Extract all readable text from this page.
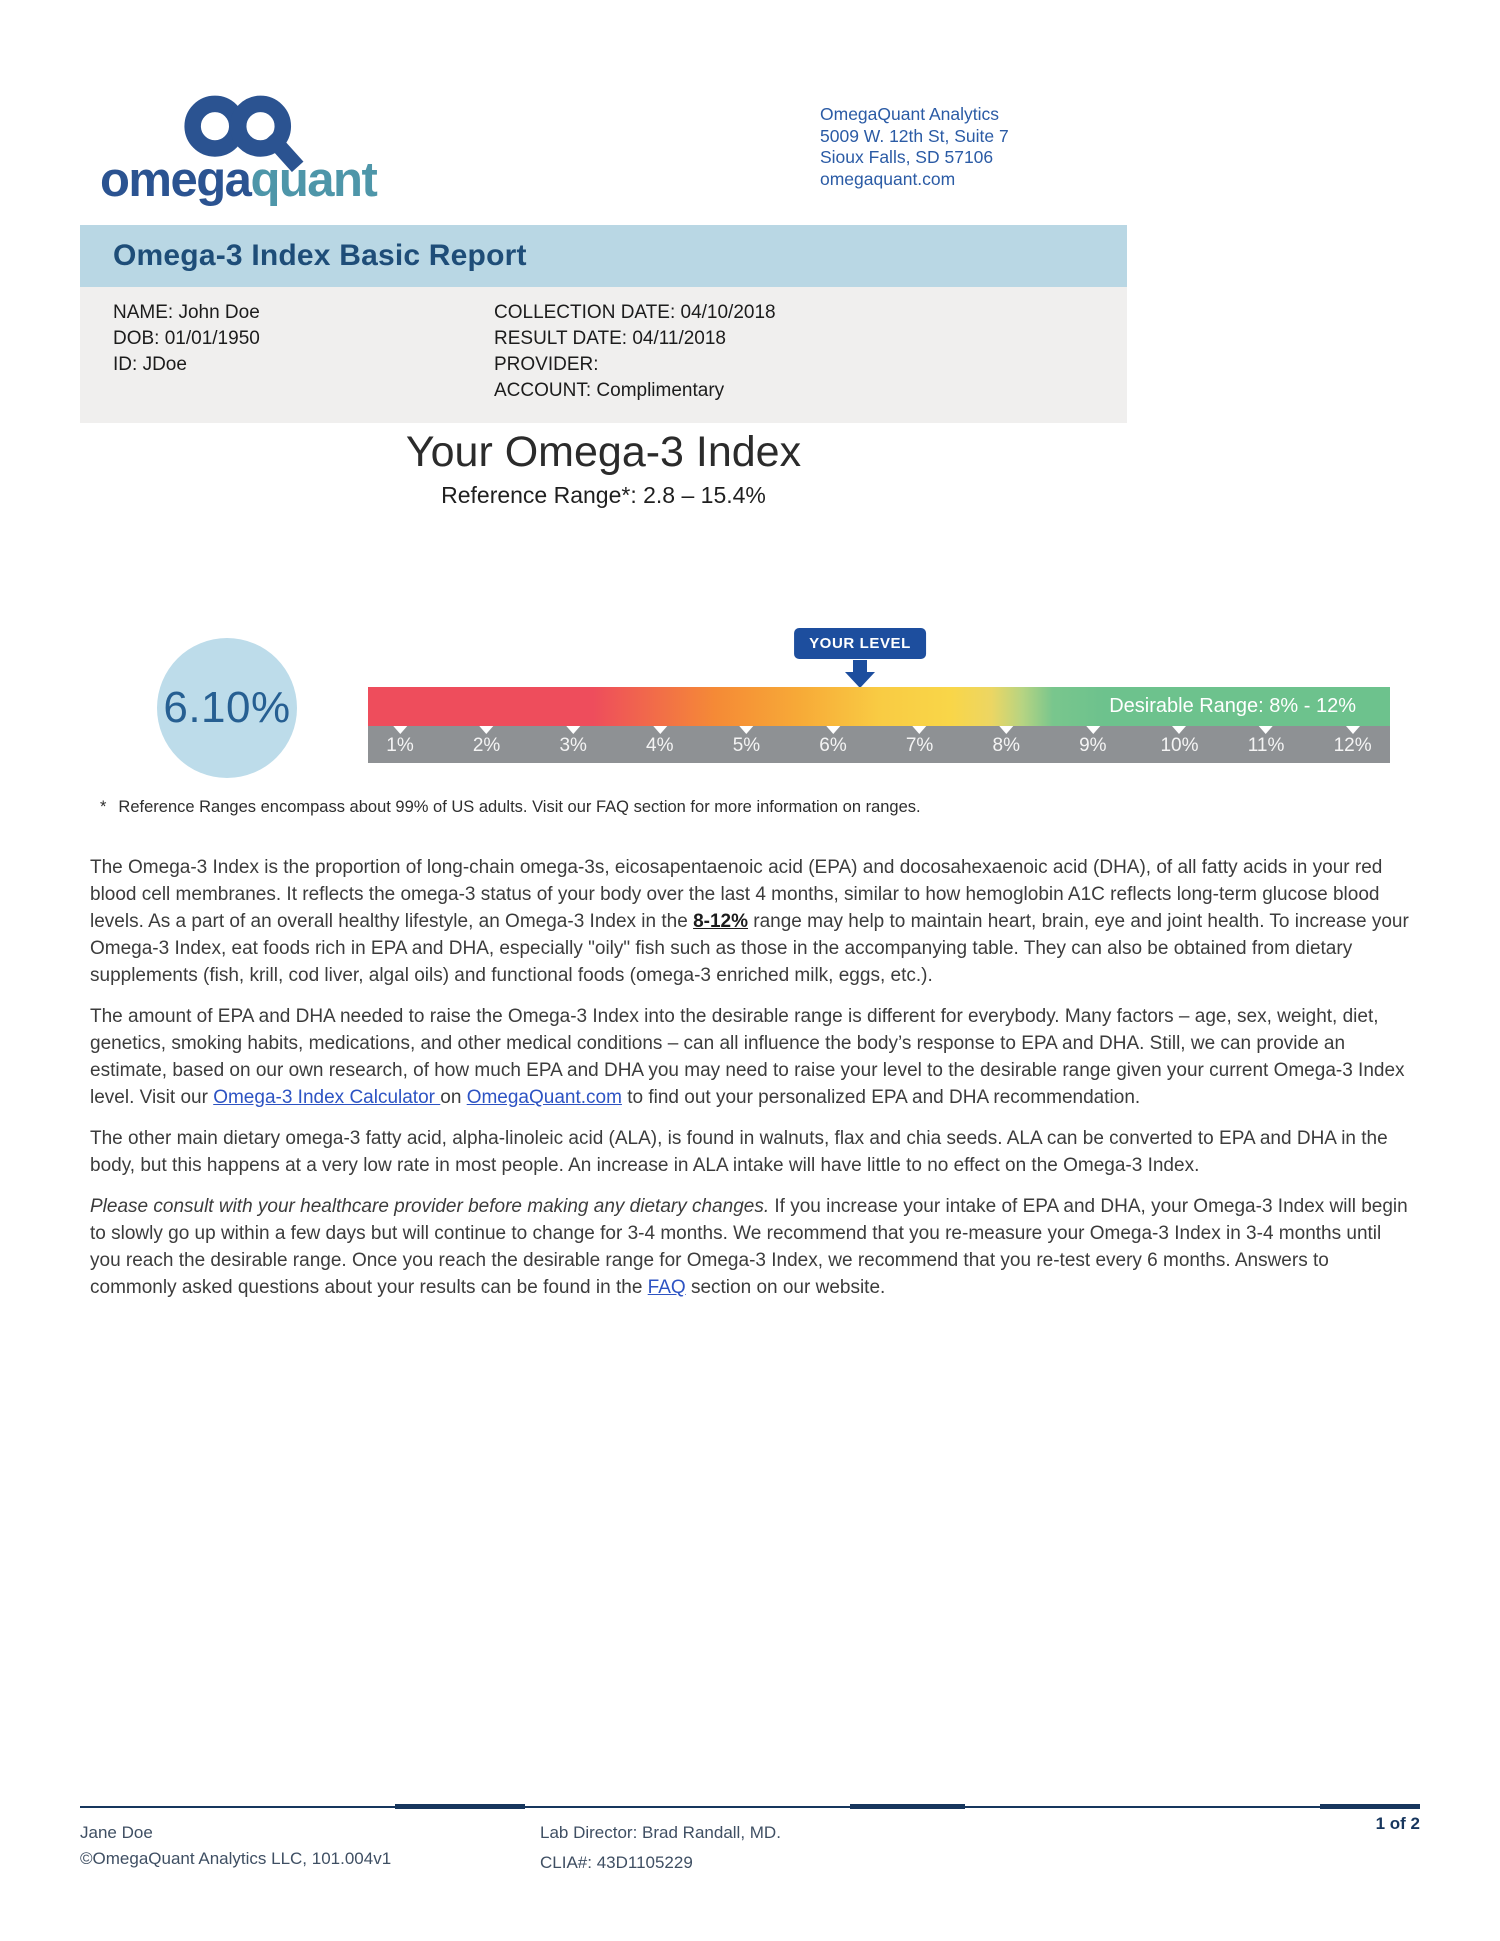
omegaquant
OmegaQuant Analytics
5009 W. 12th St, Suite 7
Sioux Falls, SD 57106
omegaquant.com
Omega-3 Index Basic Report
NAME: John Doe
DOB: 01/01/1950
ID: JDoe
COLLECTION DATE: 04/10/2018
RESULT DATE: 04/11/2018
PROVIDER:
ACCOUNT: Complimentary
Your Omega-3 Index
Reference Range*: 2.8 – 15.4%
YOUR LEVEL
6.10%	Desirable Range: 8% - 12%
1%	2%	3%	4%	5%	6%	7%	8%	9%	10%	11%	12%
* Reference Ranges encompass about 99% of US adults. Visit our FAQ section for more information on ranges.

The Omega-3 Index is the proportion of long-chain omega-3s, eicosapentaenoic acid (EPA) and docosahexaenoic acid (DHA), of all fatty acids in your red blood cell membranes. It reflects the omega-3 status of your body over the last 4 months, similar to how hemoglobin A1C reflects long-term glucose blood levels. As a part of an overall healthy lifestyle, an Omega-3 Index in the 8-12% range may help to maintain heart, brain, eye and joint health. To increase your Omega-3 Index, eat foods rich in EPA and DHA, especially "oily" fish such as those in the accompanying table. They can also be obtained from dietary supplements (fish, krill, cod liver, algal oils) and functional foods (omega-3 enriched milk, eggs, etc.).

The amount of EPA and DHA needed to raise the Omega-3 Index into the desirable range is different for everybody. Many factors – age, sex, weight, diet, genetics, smoking habits, medications, and other medical conditions – can all influence the body’s response to EPA and DHA. Still, we can provide an estimate, based on our own research, of how much EPA and DHA you may need to raise your level to the desirable range given your current Omega-3 Index level. Visit our Omega-3 Index Calculator on OmegaQuant.com to find out your personalized EPA and DHA recommendation.

The other main dietary omega-3 fatty acid, alpha-linoleic acid (ALA), is found in walnuts, flax and chia seeds. ALA can be converted to EPA and DHA in the body, but this happens at a very low rate in most people. An increase in ALA intake will have little to no effect on the Omega-3 Index.

Please consult with your healthcare provider before making any dietary changes. If you increase your intake of EPA and DHA, your Omega-3 Index will begin to slowly go up within a few days but will continue to change for 3-4 months. We recommend that you re-measure your Omega-3 Index in 3-4 months until you reach the desirable range. Once you reach the desirable range for Omega-3 Index, we recommend that you re-test every 6 months. Answers to commonly asked questions about your results can be found in the FAQ section on our website.

Jane Doe
©OmegaQuant Analytics LLC, 101.004v1
Lab Director: Brad Randall, MD.
CLIA#: 43D1105229
1 of 2
